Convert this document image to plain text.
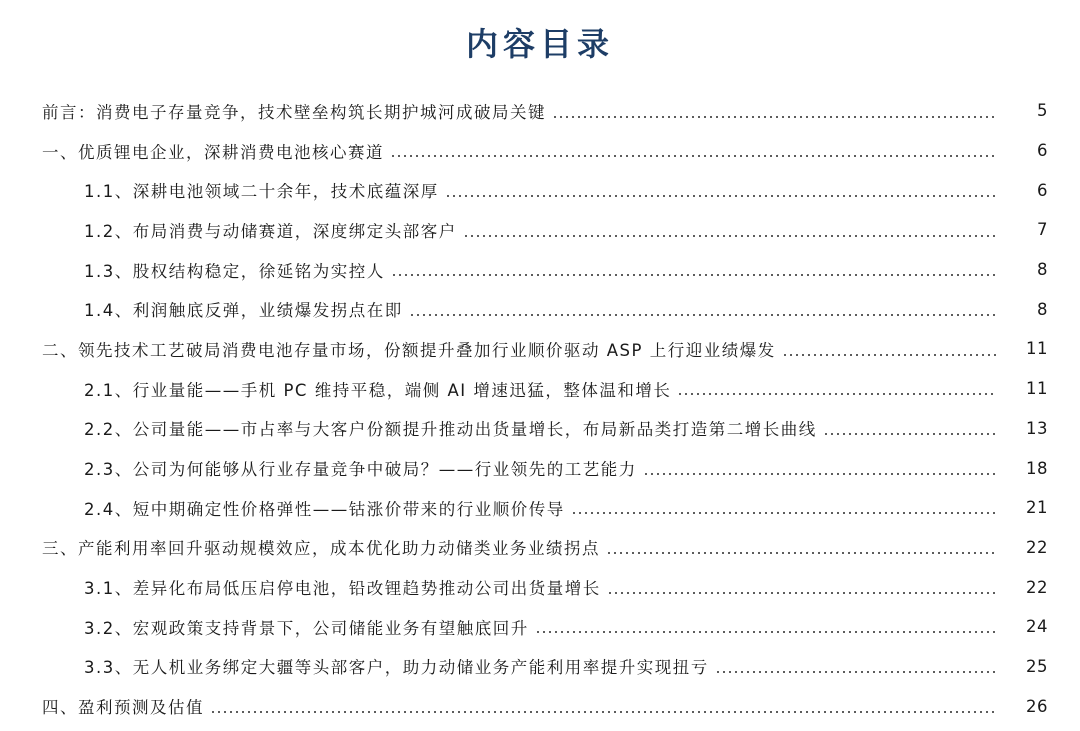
内容目录
前言：消费电子存量竞争，技术壁垒构筑长期护城河成破局关键	5
一、优质锂电企业，深耕消费电池核心赛道	6
1.1、深耕电池领域二十余年，技术底蕴深厚	6
1.2、布局消费与动储赛道，深度绑定头部客户	7
1.3、股权结构稳定，徐延铭为实控人	8
1.4、利润触底反弹，业绩爆发拐点在即	8
二、领先技术工艺破局消费电池存量市场，份额提升叠加行业顺价驱动 ASP 上行迎业绩爆发	11
2.1、行业量能——手机 PC 维持平稳，端侧 AI 增速迅猛，整体温和增长	11
2.2、公司量能——市占率与大客户份额提升推动出货量增长，布局新品类打造第二增长曲线	13
2.3、公司为何能够从行业存量竞争中破局？——行业领先的工艺能力	18
2.4、短中期确定性价格弹性——钴涨价带来的行业顺价传导	21
三、产能利用率回升驱动规模效应，成本优化助力动储类业务业绩拐点	22
3.1、差异化布局低压启停电池，铅改锂趋势推动公司出货量增长	22
3.2、宏观政策支持背景下，公司储能业务有望触底回升	24
3.3、无人机业务绑定大疆等头部客户，助力动储业务产能利用率提升实现扭亏	25
四、盈利预测及估值	26
